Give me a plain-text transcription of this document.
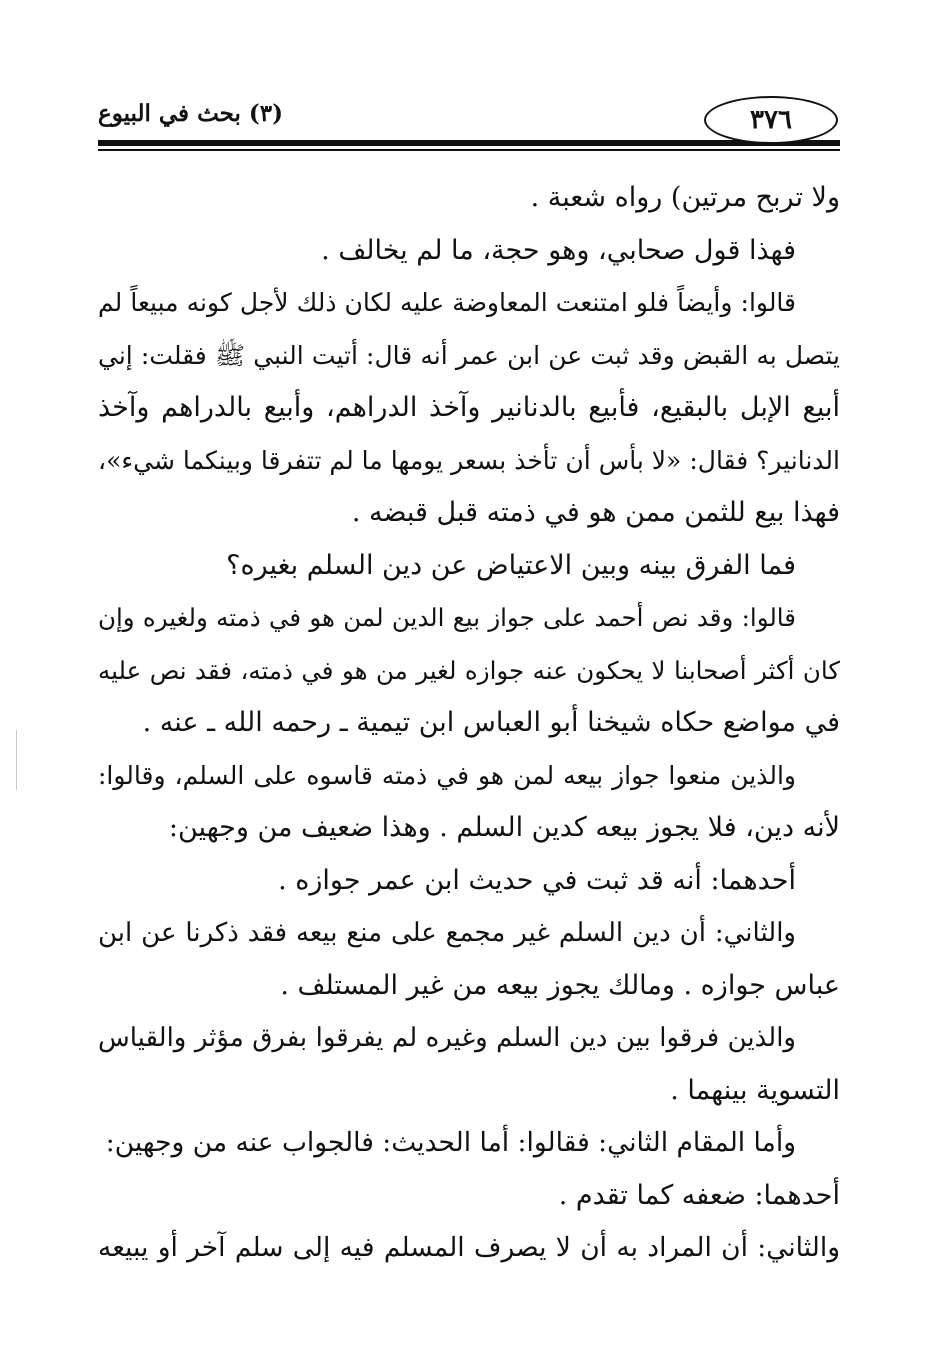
٣٧٦
(٣) بحث في البيوع
ولا تربح مرتين) رواه شعبة .
فهذا قول صحابي، وهو حجة، ما لم يخالف .
قالوا: وأيضاً فلو امتنعت المعاوضة عليه لكان ذلك لأجل كونه مبيعاً لم
يتصل به القبض وقد ثبت عن ابن عمر أنه قال: أتيت النبي ﷺ فقلت: إني
أبيع الإبل بالبقيع، فأبيع بالدنانير وآخذ الدراهم، وأبيع بالدراهم وآخذ
الدنانير؟ فقال: «لا بأس أن تأخذ بسعر يومها ما لم تتفرقا وبينكما شيء»،
فهذا بيع للثمن ممن هو في ذمته قبل قبضه .
فما الفرق بينه وبين الاعتياض عن دين السلم بغيره؟
قالوا: وقد نص أحمد على جواز بيع الدين لمن هو في ذمته ولغيره وإن
كان أكثر أصحابنا لا يحكون عنه جوازه لغير من هو في ذمته، فقد نص عليه
في مواضع حكاه شيخنا أبو العباس ابن تيمية ـ رحمه الله ـ عنه .
والذين منعوا جواز بيعه لمن هو في ذمته قاسوه على السلم، وقالوا:
لأنه دين، فلا يجوز بيعه كدين السلم . وهذا ضعيف من وجهين:
أحدهما: أنه قد ثبت في حديث ابن عمر جوازه .
والثاني: أن دين السلم غير مجمع على منع بيعه فقد ذكرنا عن ابن
عباس جوازه . ومالك يجوز بيعه من غير المستلف .
والذين فرقوا بين دين السلم وغيره لم يفرقوا بفرق مؤثر والقياس
التسوية بينهما .
وأما المقام الثاني: فقالوا: أما الحديث: فالجواب عنه من وجهين:
أحدهما: ضعفه كما تقدم .
والثاني: أن المراد به أن لا يصرف المسلم فيه إلى سلم آخر أو يبيعه
